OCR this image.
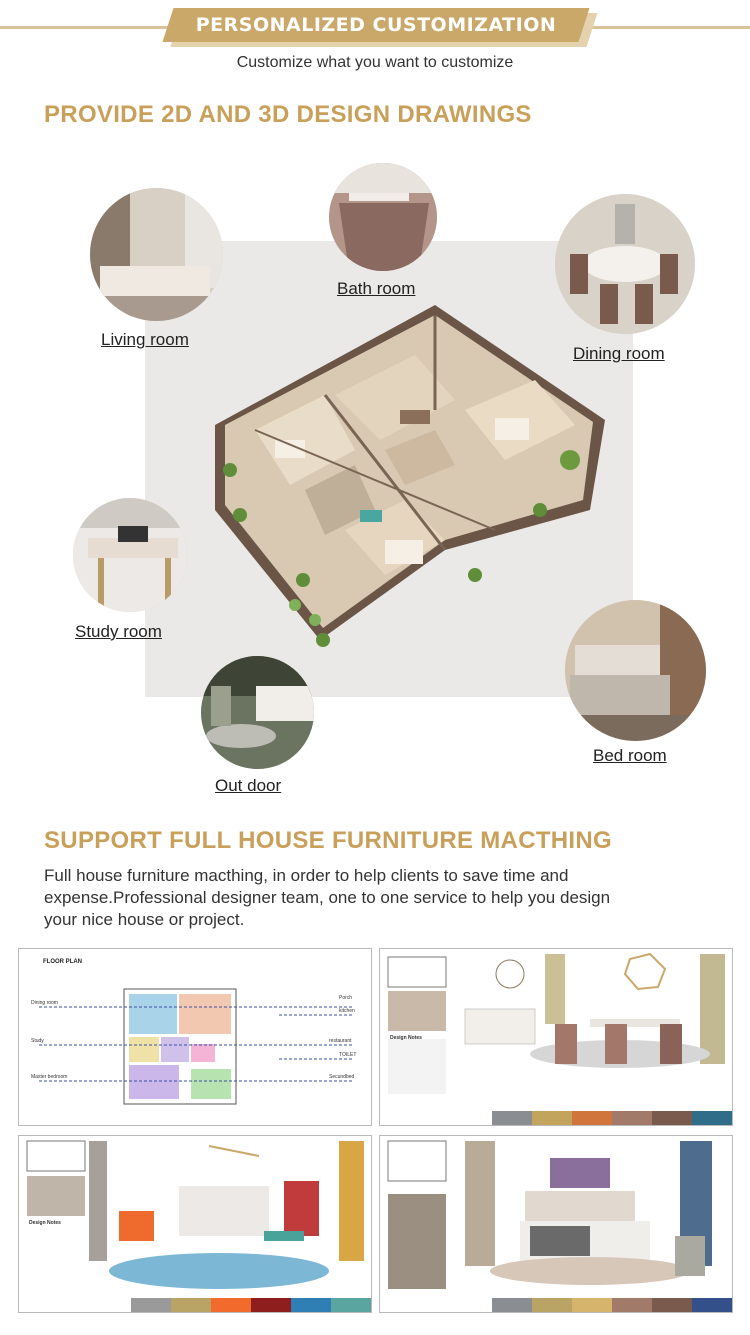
PERSONALIZED CUSTOMIZATION
Customize what you want to customize
PROVIDE 2D AND 3D DESIGN DRAWINGS
Living room
Bath room
Dining room
Study room
Out door
Bed room
SUPPORT FULL HOUSE FURNITURE MACTHING
Full house furniture macthing, in order to help clients to save time and expense.Professional designer team, one to one service to help you design your nice house or project.
FLOOR PLAN
Dining room
Study
Master bedroom
Porch
kitchen
restaurant
TOILET
Secundbed
Design Notes
Design Notes
